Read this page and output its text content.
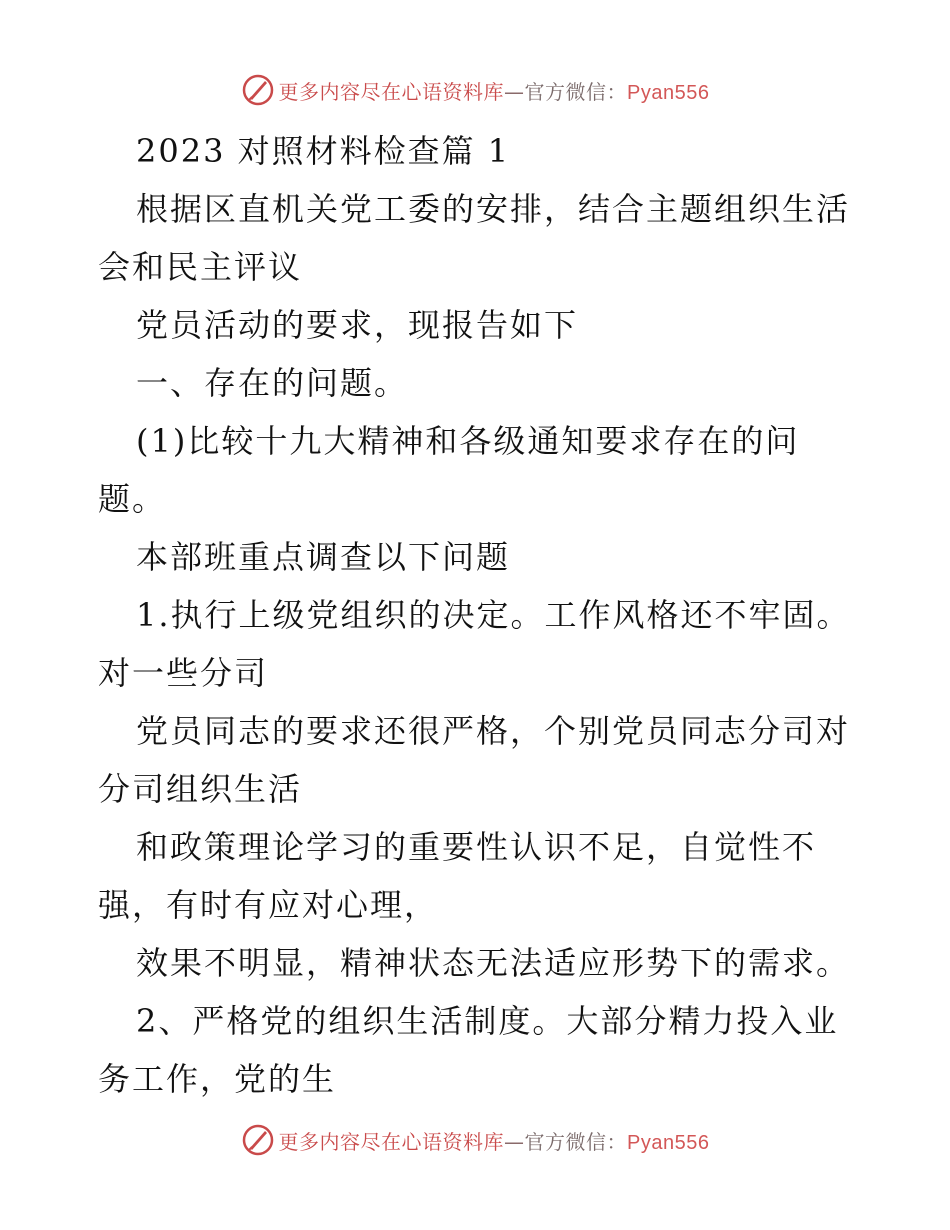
更多内容尽在心语资料库—官方微信：Pyan556

2023 对照材料检查篇 1

根据区直机关党工委的安排，结合主题组织生活会和民主评议

党员活动的要求，现报告如下

一、存在的问题。

(1)比较十九大精神和各级通知要求存在的问题。

本部班重点调查以下问题

1.执行上级党组织的决定。工作风格还不牢固。对一些分司

党员同志的要求还很严格，个别党员同志分司对分司组织生活

和政策理论学习的重要性认识不足，自觉性不强，有时有应对心理，

效果不明显，精神状态无法适应形势下的需求。

2、严格党的组织生活制度。大部分精力投入业务工作，党的生

更多内容尽在心语资料库—官方微信：Pyan556
